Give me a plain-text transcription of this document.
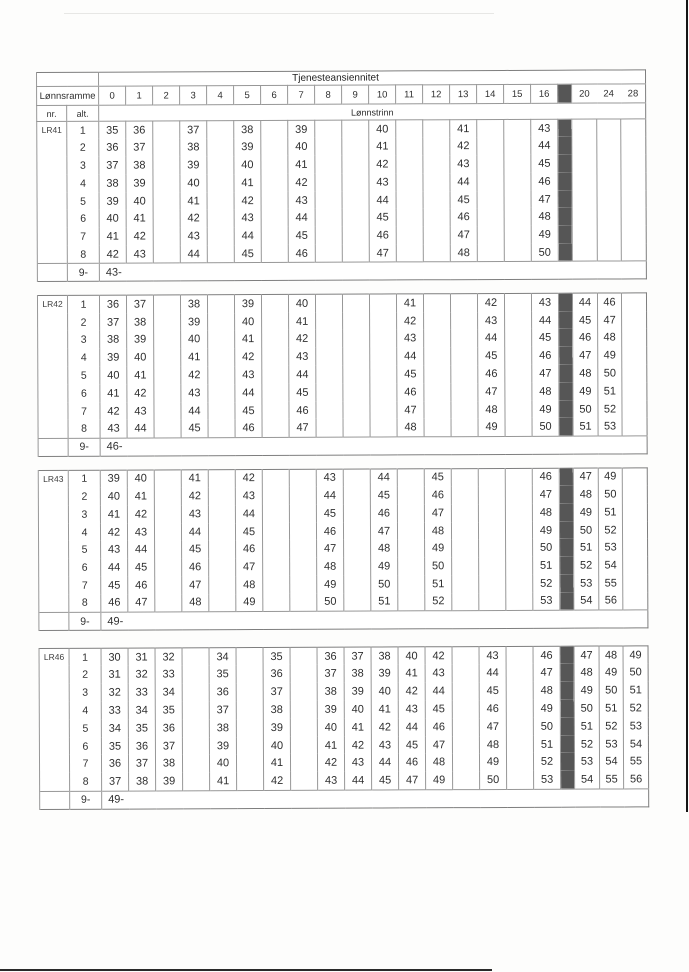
		Tjenesteansiennitet																				

Lønnsramme		0	1	2	3	4	5	6	7	8	9	10	11	12	13	14	15	16		20	24	28
nr.	alt.	Lønnstrinn																				
LR41	1	35	36		37		38		39			40			41			43				
	2	36	37		38		39		40			41			42			44				
	3	37	38		39		40		41			42			43			45				
	4	38	39		40		41		42			43			44			46				
	5	39	40		41		42		43			44			45			47				
	6	40	41		42		43		44			45			46			48				
	7	41	42		43		44		45			46			47			49				
	8	42	43		44		45		46			47			48			50				
	9-	43-																				
LR42	1	36	37		38		39		40				41			42		43		44	46	
	2	37	38		39		40		41				42			43		44		45	47	
	3	38	39		40		41		42				43			44		45		46	48	
	4	39	40		41		42		43				44			45		46		47	49	
	5	40	41		42		43		44				45			46		47		48	50	
	6	41	42		43		44		45				46			47		48		49	51	
	7	42	43		44		45		46				47			48		49		50	52	
	8	43	44		45		46		47				48			49		50		51	53	
	9-	46-																				
LR43	1	39	40		41		42			43		44		45				46		47	49	
	2	40	41		42		43			44		45		46				47		48	50	
	3	41	42		43		44			45		46		47				48		49	51	
	4	42	43		44		45			46		47		48				49		50	52	
	5	43	44		45		46			47		48		49				50		51	53	
	6	44	45		46		47			48		49		50				51		52	54	
	7	45	46		47		48			49		50		51				52		53	55	
	8	46	47		48		49			50		51		52				53		54	56	
	9-	49-																				
LR46	1	30	31	32		34		35		36	37	38	40	42		43		46		47	48	49
	2	31	32	33		35		36		37	38	39	41	43		44		47		48	49	50
	3	32	33	34		36		37		38	39	40	42	44		45		48		49	50	51
	4	33	34	35		37		38		39	40	41	43	45		46		49		50	51	52
	5	34	35	36		38		39		40	41	42	44	46		47		50		51	52	53
	6	35	36	37		39		40		41	42	43	45	47		48		51		52	53	54
	7	36	37	38		40		41		42	43	44	46	48		49		52		53	54	55
	8	37	38	39		41		42		43	44	45	47	49		50		53		54	55	56
	9-	49-																				
